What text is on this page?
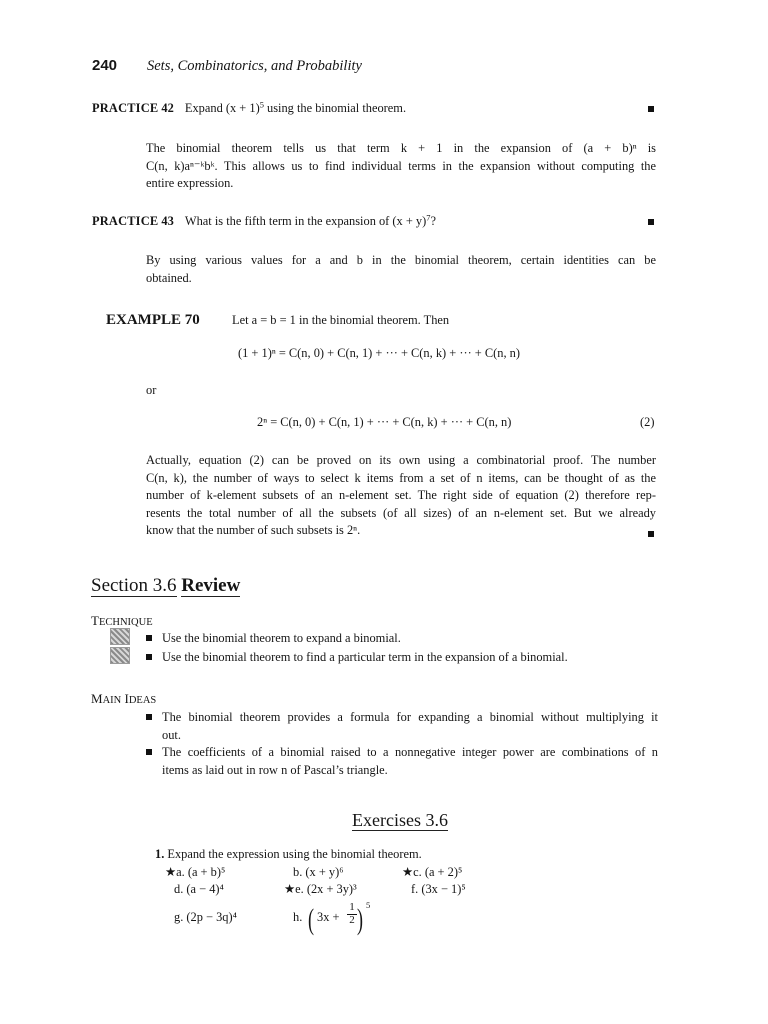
240 Sets, Combinatorics, and Probability
PRACTICE 42 Expand $(x + 1)^5$ using the binomial theorem.
The binomial theorem tells us that term k + 1 in the expansion of (a + b)ⁿ is
C(n, k)aⁿ⁻ᵏbᵏ. This allows us to find individual terms in the expansion without computing the
entire expression.
PRACTICE 43 What is the fifth term in the expansion of $(x + y)^7$?
By using various values for a and b in the binomial theorem, certain identities can be
obtained.
EXAMPLE 70	Let a = b = 1 in the binomial theorem. Then
(1 + 1)ⁿ = C(n, 0) + C(n, 1) + ··· + C(n, k) + ··· + C(n, n)
or
2ⁿ = C(n, 0) + C(n, 1) + ··· + C(n, k) + ··· + C(n, n)	(2)
Actually, equation (2) can be proved on its own using a combinatorial proof. The number
C(n, k), the number of ways to select k items from a set of n items, can be thought of as the
number of k-element subsets of an n-element set. The right side of equation (2) therefore rep-
resents the total number of all the subsets (of all sizes) of an n-element set. But we already
know that the number of such subsets is 2ⁿ.
Section 3.6 Review
TECHNIQUE
Use the binomial theorem to expand a binomial.
Use the binomial theorem to find a particular term in the expansion of a binomial.
MAIN IDEAS
The binomial theorem provides a formula for expanding a binomial without multiplying it
out.
The coefficients of a binomial raised to a nonnegative integer power are combinations of n
items as laid out in row n of Pascal’s triangle.
Exercises 3.6
1. Expand the expression using the binomial theorem.
★a. (a + b)⁵	b. (x + y)⁶	★c. (a + 2)⁵
d. (a − 4)⁴	★e. (2x + 3y)³	f. (3x − 1)⁵
g. (2p − 3q)⁴	h. ( $3x + \frac{1}{2}$ ) 5
